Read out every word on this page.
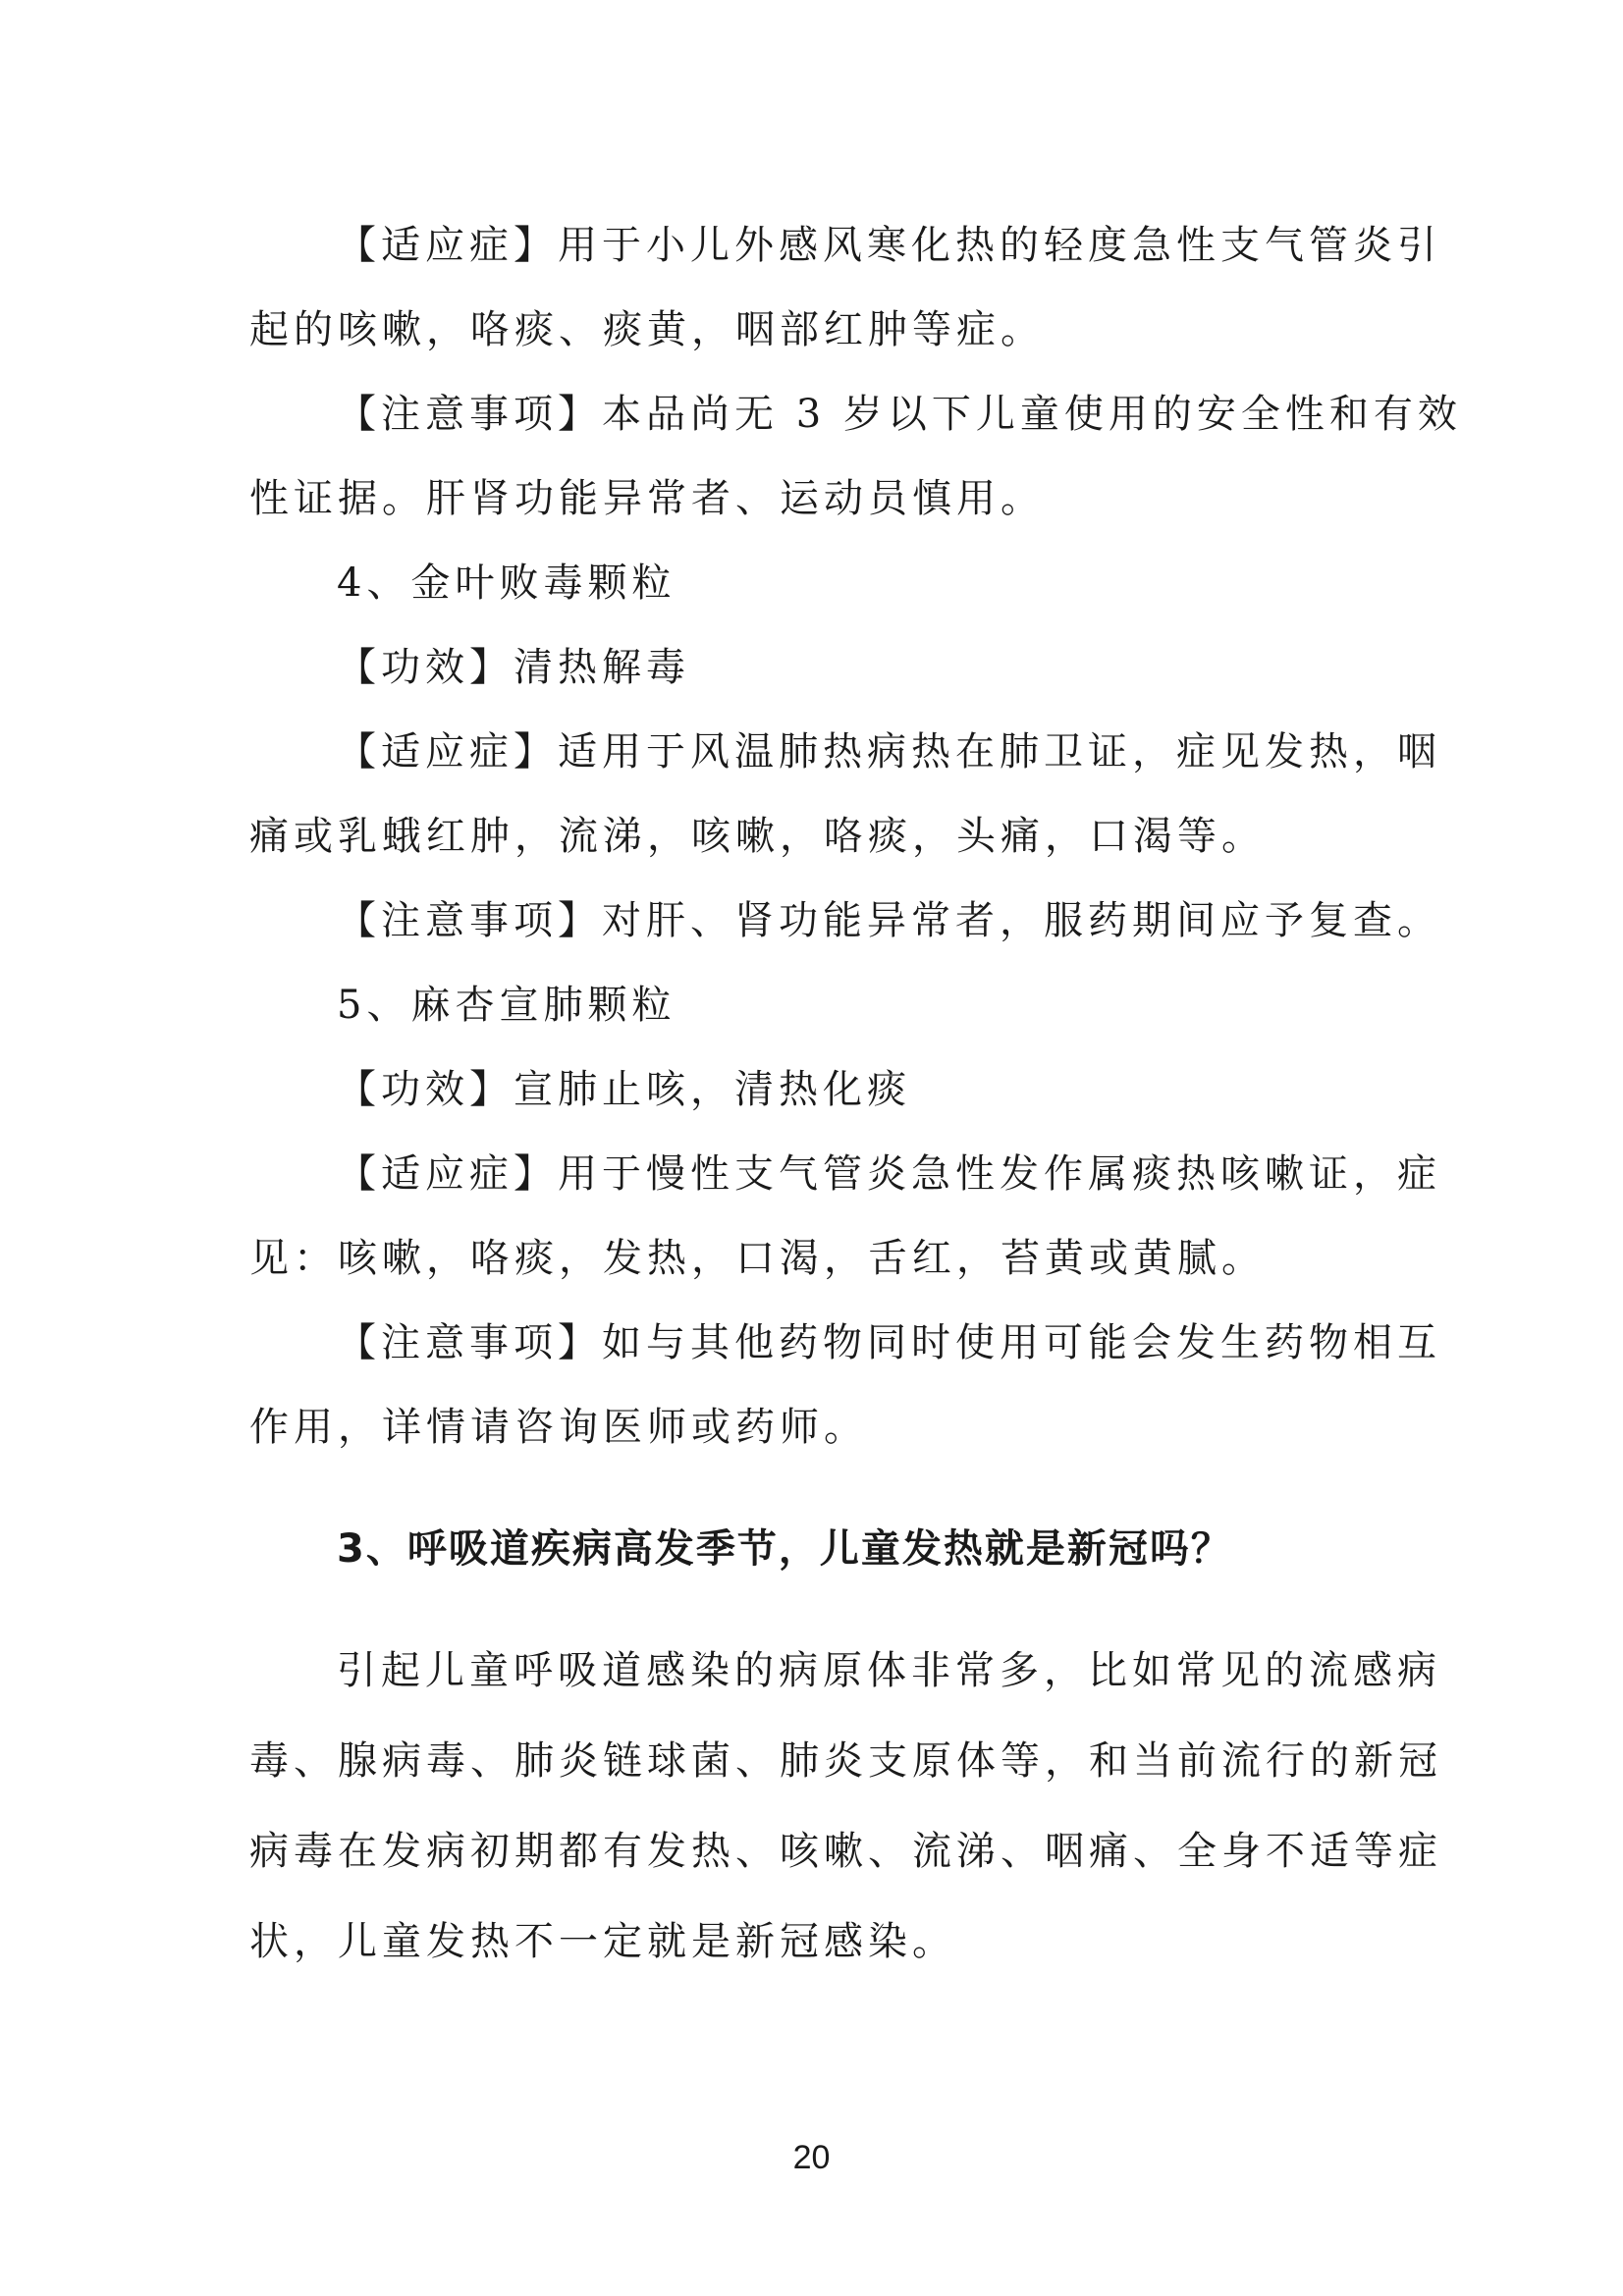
【适应症】用于小儿外感风寒化热的轻度急性支气管炎引
起的咳嗽，咯痰、痰黄，咽部红肿等症。
【注意事项】本品尚无 3 岁以下儿童使用的安全性和有效
性证据。肝肾功能异常者、运动员慎用。
4、金叶败毒颗粒
【功效】清热解毒
【适应症】适用于风温肺热病热在肺卫证，症见发热，咽
痛或乳蛾红肿，流涕，咳嗽，咯痰，头痛，口渴等。
【注意事项】对肝、肾功能异常者，服药期间应予复查。
5、麻杏宣肺颗粒
【功效】宣肺止咳，清热化痰
【适应症】用于慢性支气管炎急性发作属痰热咳嗽证，症
见：咳嗽，咯痰，发热，口渴，舌红，苔黄或黄腻。
【注意事项】如与其他药物同时使用可能会发生药物相互
作用，详情请咨询医师或药师。
3、呼吸道疾病高发季节，儿童发热就是新冠吗？
引起儿童呼吸道感染的病原体非常多，比如常见的流感病
毒、腺病毒、肺炎链球菌、肺炎支原体等，和当前流行的新冠
病毒在发病初期都有发热、咳嗽、流涕、咽痛、全身不适等症
状，儿童发热不一定就是新冠感染。
20
